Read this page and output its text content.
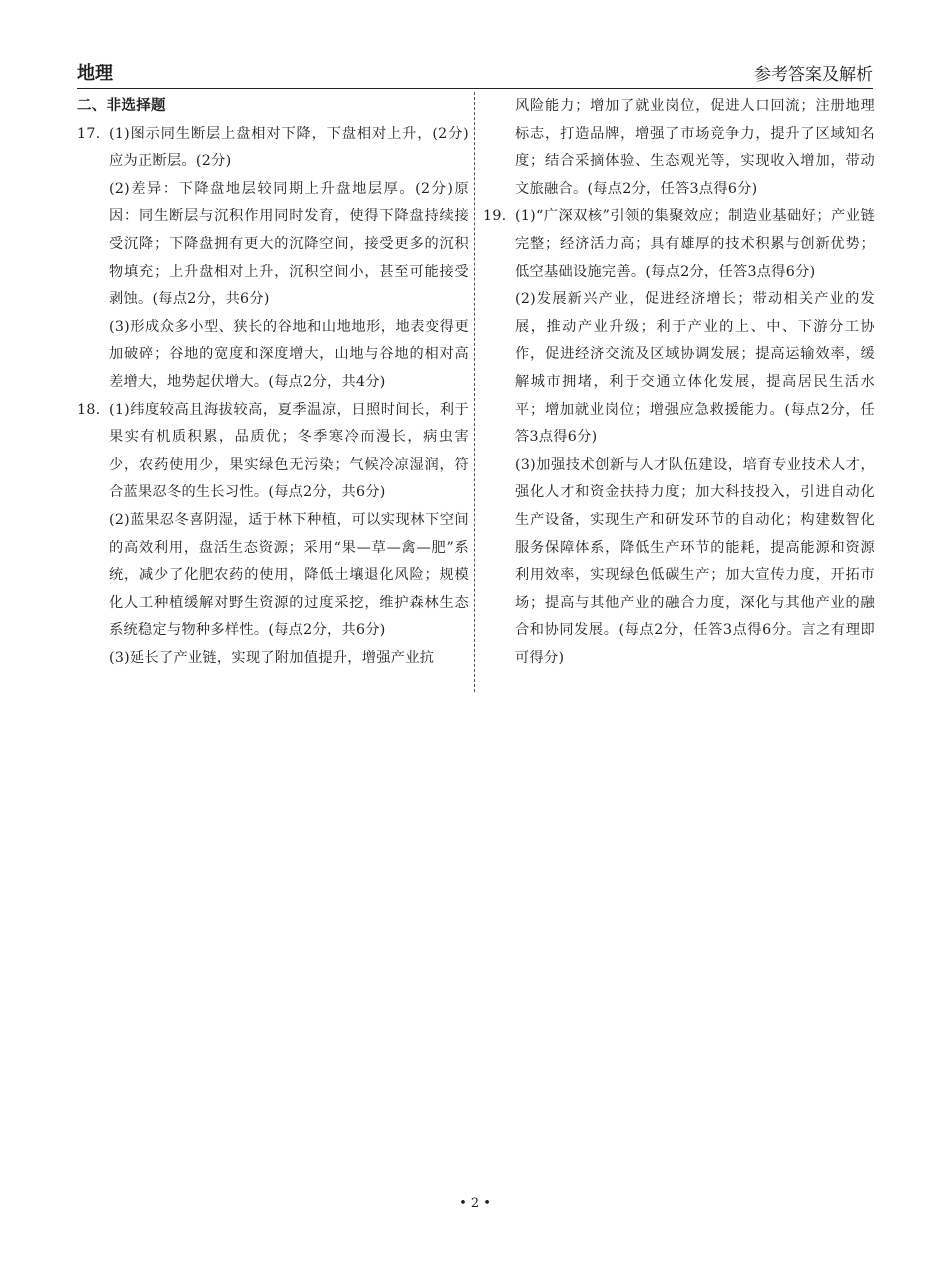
地理	参考答案及解析
二、非选择题
17. (1)图示同生断层上盘相对下降，下盘相对上升，(2分)应为正断层。(2分)

(2)差异：下降盘地层较同期上升盘地层厚。(2分)原因：同生断层与沉积作用同时发育，使得下降盘持续接受沉降；下降盘拥有更大的沉降空间，接受更多的沉积物填充；上升盘相对上升，沉积空间小，甚至可能接受剥蚀。(每点2分，共6分)

(3)形成众多小型、狭长的谷地和山地地形，地表变得更加破碎；谷地的宽度和深度增大，山地与谷地的相对高差增大，地势起伏增大。(每点2分，共4分)

18. (1)纬度较高且海拔较高，夏季温凉，日照时间长，利于果实有机质积累，品质优；冬季寒冷而漫长，病虫害少，农药使用少，果实绿色无污染；气候冷凉湿润，符合蓝果忍冬的生长习性。(每点2分，共6分)

(2)蓝果忍冬喜阴湿，适于林下种植，可以实现林下空间的高效利用，盘活生态资源；采用“果—草—禽—肥”系统，减少了化肥农药的使用，降低土壤退化风险；规模化人工种植缓解对野生资源的过度采挖，维护森林生态系统稳定与物种多样性。(每点2分，共6分)

(3)延长了产业链，实现了附加值提升，增强产业抗

风险能力；增加了就业岗位，促进人口回流；注册地理标志，打造品牌，增强了市场竞争力，提升了区域知名度；结合采摘体验、生态观光等，实现收入增加，带动文旅融合。(每点2分，任答3点得6分)

19. (1)“广深双核”引领的集聚效应；制造业基础好；产业链完整；经济活力高；具有雄厚的技术积累与创新优势；低空基础设施完善。(每点2分，任答3点得6分)

(2)发展新兴产业，促进经济增长；带动相关产业的发展，推动产业升级；利于产业的上、中、下游分工协作，促进经济交流及区域协调发展；提高运输效率，缓解城市拥堵，利于交通立体化发展，提高居民生活水平；增加就业岗位；增强应急救援能力。(每点2分，任答3点得6分)

(3)加强技术创新与人才队伍建设，培育专业技术人才，强化人才和资金扶持力度；加大科技投入，引进自动化生产设备，实现生产和研发环节的自动化；构建数智化服务保障体系，降低生产环节的能耗，提高能源和资源利用效率，实现绿色低碳生产；加大宣传力度，开拓市场；提高与其他产业的融合力度，深化与其他产业的融合和协同发展。(每点2分，任答3点得6分。言之有理即可得分)

• 2 •
